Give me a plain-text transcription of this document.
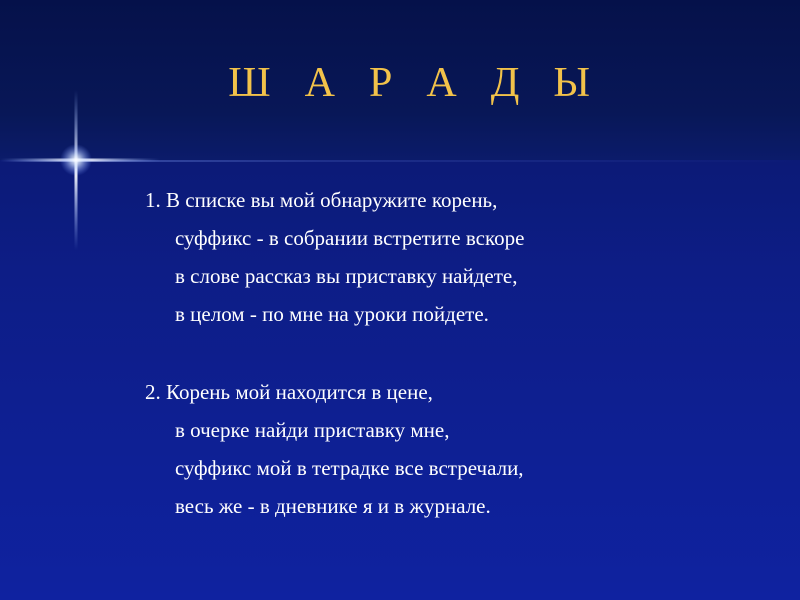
Ш А Р А Д Ы
1. В списке вы мой обнаружите корень,
суффикс - в собрании встретите вскоре
в слове рассказ вы приставку найдете,
в целом - по мне на уроки пойдете.
2. Корень мой находится в цене,
в очерке найди приставку мне,
суффикс мой в тетрадке все встречали,
весь же - в дневнике я и в журнале.
